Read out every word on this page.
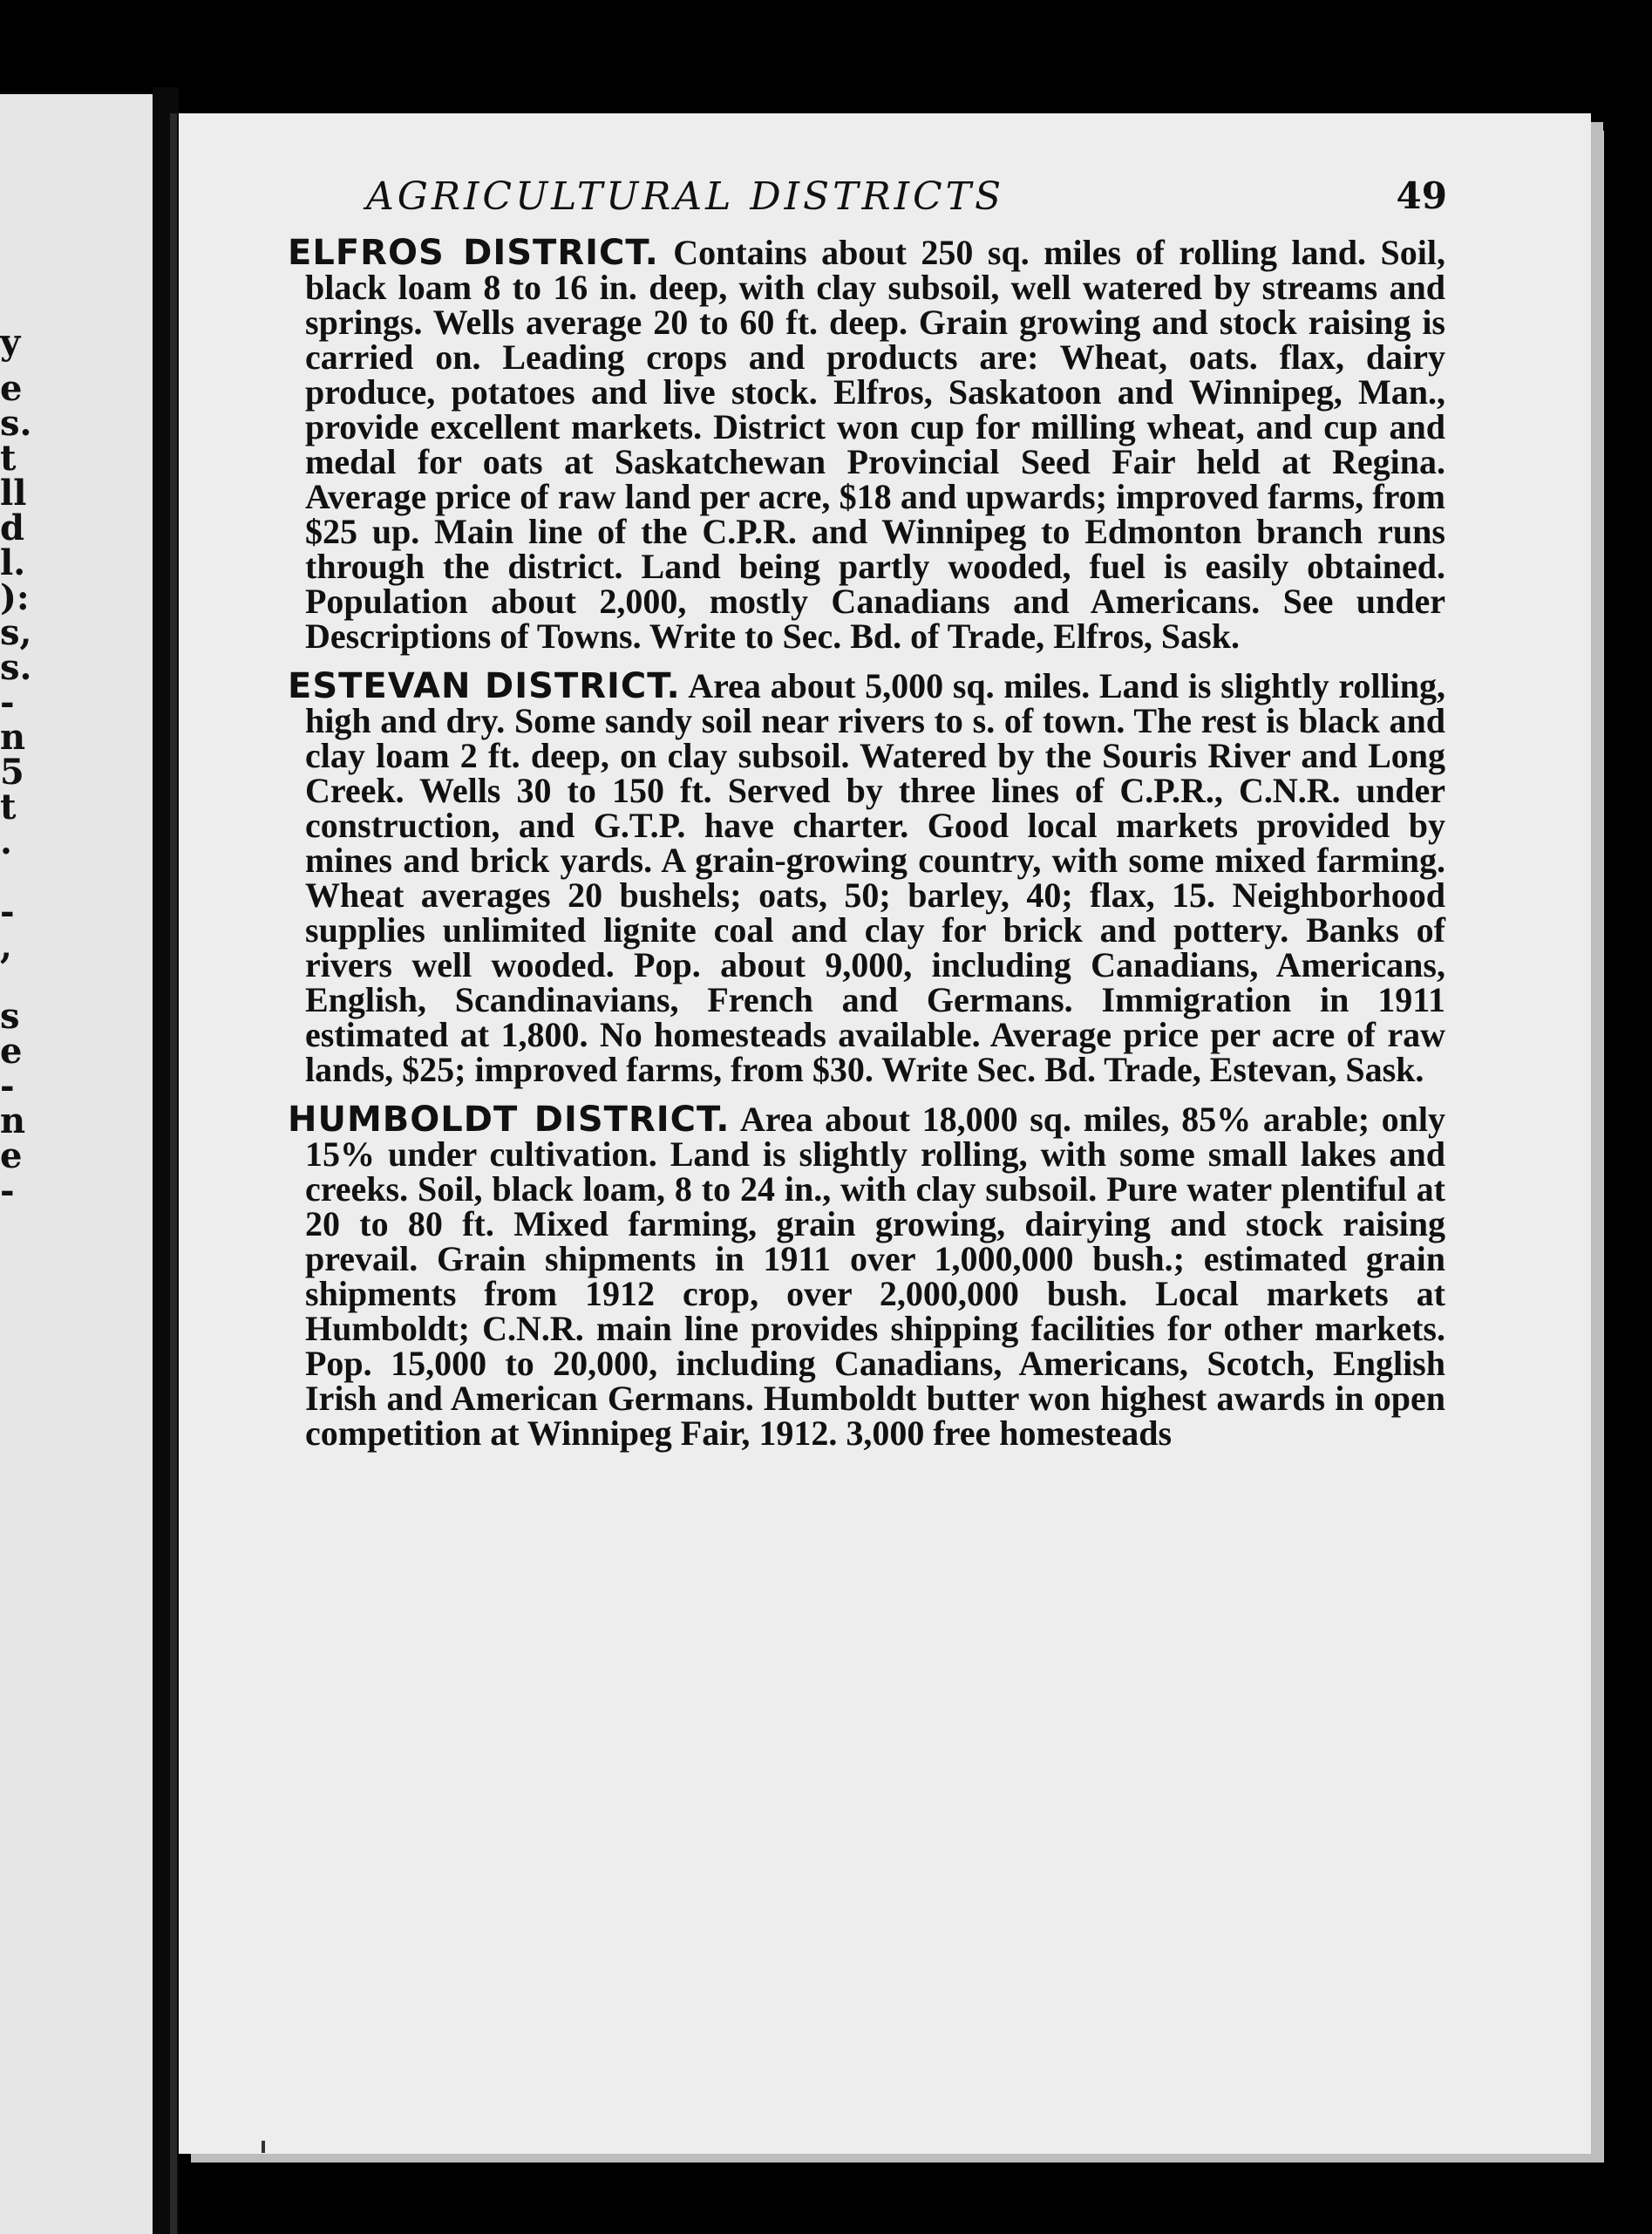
y
e
s.
t
ll
d
l.
):
s,
s.
-
n
5
t
.
-
,
s
e
-
n
e
-
AGRICULTURAL DISTRICTS	49

ELFROS DISTRICT. Contains about 250 sq. miles of rolling land. Soil, black loam 8 to 16 in. deep, with clay subsoil, well watered by streams and springs. Wells average 20 to 60 ft. deep. Grain growing and stock raising is carried on. Leading crops and products are: Wheat, oats. flax, dairy produce, potatoes and live stock. Elfros, Saskatoon and Winnipeg, Man., provide excellent markets. District won cup for milling wheat, and cup and medal for oats at Saskatchewan Provincial Seed Fair held at Regina. Average price of raw land per acre, $18 and upwards; improved farms, from $25 up. Main line of the C.P.R. and Winnipeg to Edmonton branch runs through the district. Land being partly wooded, fuel is easily obtained. Population about 2,000, mostly Canadians and Americans. See under Descriptions of Towns. Write to Sec. Bd. of Trade, Elfros, Sask.

ESTEVAN DISTRICT. Area about 5,000 sq. miles. Land is slightly rolling, high and dry. Some sandy soil near rivers to s. of town. The rest is black and clay loam 2 ft. deep, on clay subsoil. Watered by the Souris River and Long Creek. Wells 30 to 150 ft. Served by three lines of C.P.R., C.N.R. under construction, and G.T.P. have charter. Good local markets provided by mines and brick yards. A grain-growing country, with some mixed farming. Wheat averages 20 bushels; oats, 50; barley, 40; flax, 15. Neighborhood supplies unlimited lignite coal and clay for brick and pottery. Banks of rivers well wooded. Pop. about 9,000, including Canadians, Americans, English, Scandinavians, French and Germans. Immigration in 1911 estimated at 1,800. No homesteads available. Average price per acre of raw lands, $25; improved farms, from $30. Write Sec. Bd. Trade, Estevan, Sask.

HUMBOLDT DISTRICT. Area about 18,000 sq. miles, 85% arable; only 15% under cultivation. Land is slightly rolling, with some small lakes and creeks. Soil, black loam, 8 to 24 in., with clay subsoil. Pure water plentiful at 20 to 80 ft. Mixed farming, grain growing, dairying and stock raising prevail. Grain shipments in 1911 over 1,000,000 bush.; estimated grain shipments from 1912 crop, over 2,000,000 bush. Local markets at Humboldt; C.N.R. main line provides shipping facilities for other markets. Pop. 15,000 to 20,000, including Canadians, Americans, Scotch, English Irish and American Germans. Humboldt butter won highest awards in open competition at Winnipeg Fair, 1912. 3,000 free homesteads
